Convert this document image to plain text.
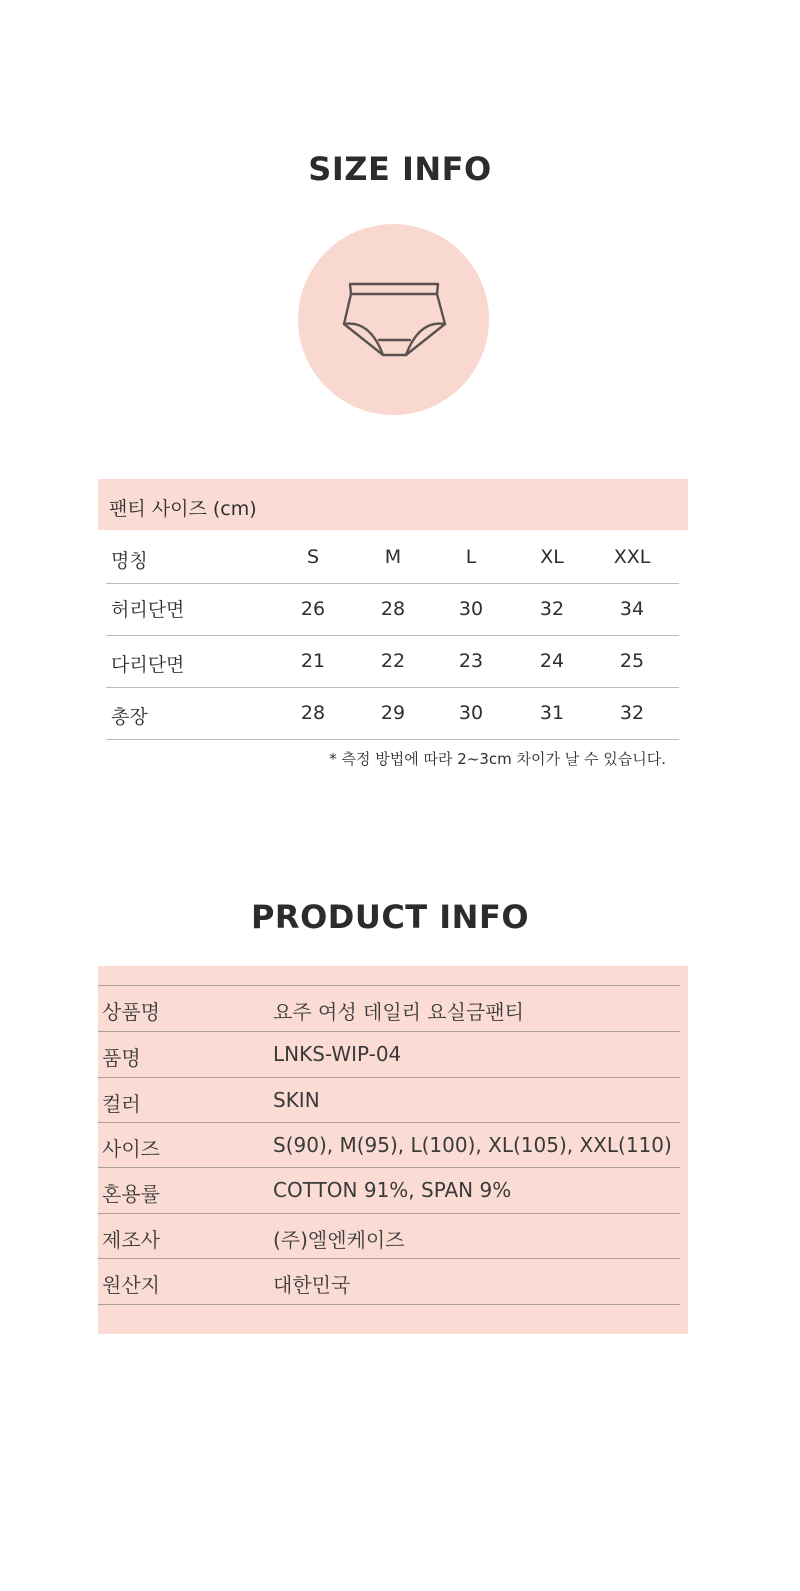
SIZE INFO
팬티 사이즈 (cm)
명칭	S	M	L	XL	XXL
허리단면	26	28	30	32	34
다리단면	21	22	23	24	25
총장	28	29	30	31	32
* 측정 방법에 따라 2~3cm 차이가 날 수 있습니다.
PRODUCT INFO
상품명	요주 여성 데일리 요실금팬티
품명	LNKS-WIP-04
컬러	SKIN
사이즈	S(90), M(95), L(100), XL(105), XXL(110)
혼용률	COTTON 91%, SPAN 9%
제조사	(주)엘엔케이즈
원산지	대한민국
